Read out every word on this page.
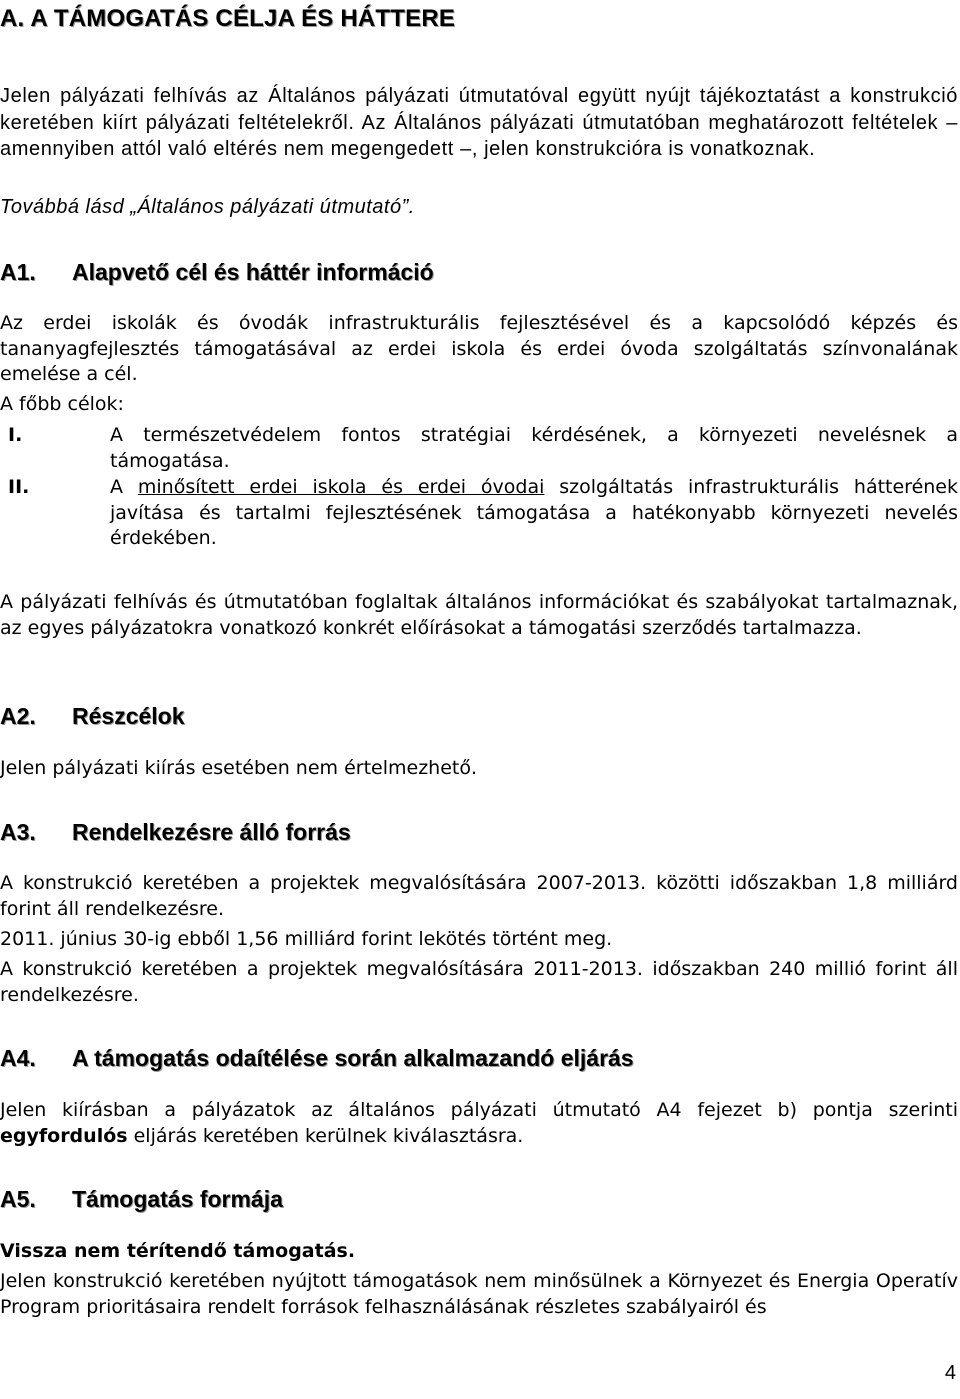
A. A TÁMOGATÁS CÉLJA ÉS HÁTTERE

Jelen pályázati felhívás az Általános pályázati útmutatóval együtt nyújt tájékoztatást a konstrukció keretében kiírt pályázati feltételekről. Az Általános pályázati útmutatóban meghatározott feltételek – amennyiben attól való eltérés nem megengedett –, jelen konstrukcióra is vonatkoznak.

Továbbá lásd „Általános pályázati útmutató”.

A1. Alapvető cél és háttér információ

Az erdei iskolák és óvodák infrastrukturális fejlesztésével és a kapcsolódó képzés és tananyagfejlesztés támogatásával az erdei iskola és erdei óvoda szolgáltatás színvonalának emelése a cél.

A főbb célok:

I.	A természetvédelem fontos stratégiai kérdésének, a környezeti nevelésnek a támogatása.
II.	A minősített erdei iskola és erdei óvodai szolgáltatás infrastrukturális hátterének javítása és tartalmi fejlesztésének támogatása a hatékonyabb környezeti nevelés érdekében.

A pályázati felhívás és útmutatóban foglaltak általános információkat és szabályokat tartalmaznak, az egyes pályázatokra vonatkozó konkrét előírásokat a támogatási szerződés tartalmazza.

A2. Részcélok

Jelen pályázati kiírás esetében nem értelmezhető.

A3. Rendelkezésre álló forrás

A konstrukció keretében a projektek megvalósítására 2007-2013. közötti időszakban 1,8 milliárd forint áll rendelkezésre.

2011. június 30-ig ebből 1,56 milliárd forint lekötés történt meg.

A konstrukció keretében a projektek megvalósítására 2011-2013. időszakban 240 millió forint áll rendelkezésre.

A4. A támogatás odaítélése során alkalmazandó eljárás

Jelen kiírásban a pályázatok az általános pályázati útmutató A4 fejezet b) pontja szerinti egyfordulós eljárás keretében kerülnek kiválasztásra.

A5. Támogatás formája

Vissza nem térítendő támogatás.

Jelen konstrukció keretében nyújtott támogatások nem minősülnek a Környezet és Energia Operatív Program prioritásaira rendelt források felhasználásának részletes szabályairól és

4
